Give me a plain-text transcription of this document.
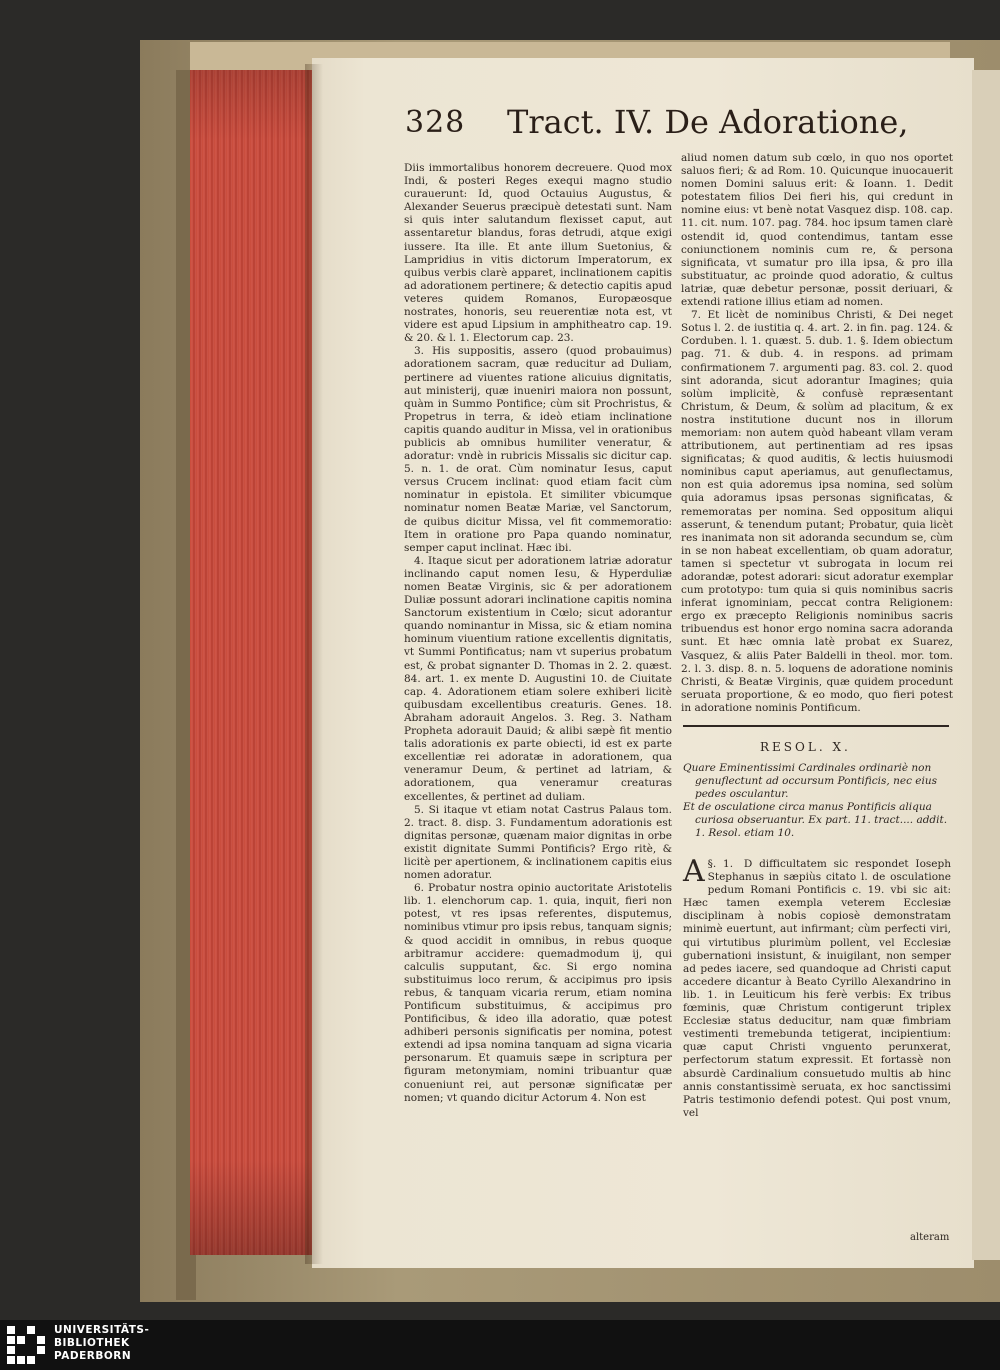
328 Tract. IV. De Adoratione,

Diis immortalibus honorem decreuere. Quod mox Indi, & posteri Reges exequi magno studio curauerunt: Id, quod Octauius Augustus, & Alexander Seuerus præcipuè detestati sunt. Nam si quis inter salutandum flexisset caput, aut assentaretur blandus, foras detrudi, atque exigi iussere. Ita ille. Et ante illum Suetonius, & Lampridius in vitis dictorum Imperatorum, ex quibus verbis clarè apparet, inclinationem capitis ad adorationem pertinere; & detectio capitis apud veteres quidem Romanos, Europæosque nostrates, honoris, seu reuerentiæ nota est, vt videre est apud Lipsium in amphitheatro cap. 19. & 20. & l. 1. Electorum cap. 23.

3. His suppositis, assero (quod probauimus) adorationem sacram, quæ reducitur ad Duliam, pertinere ad viuentes ratione alicuius dignitatis, aut ministerij, quæ inueniri maiora non possunt, quàm in Summo Pontifice; cùm sit Prochristus, & Propetrus in terra, & ideò etiam inclinatione capitis quando auditur in Missa, vel in orationibus publicis ab omnibus humiliter veneratur, & adoratur: vndè in rubricis Missalis sic dicitur cap. 5. n. 1. de orat. Cùm nominatur Iesus, caput versus Crucem inclinat: quod etiam facit cùm nominatur in epistola. Et similiter vbicumque nominatur nomen Beatæ Mariæ, vel Sanctorum, de quibus dicitur Missa, vel fit commemoratio: Item in oratione pro Papa quando nominatur, semper caput inclinat. Hæc ibi.

4. Itaque sicut per adorationem latriæ adoratur inclinando caput nomen Iesu, & Hyperduliæ nomen Beatæ Virginis, sic & per adorationem Duliæ possunt adorari inclinatione capitis nomina Sanctorum existentium in Cœlo; sicut adorantur quando nominantur in Missa, sic & etiam nomina hominum viuentium ratione excellentis dignitatis, vt Summi Pontificatus; nam vt superius probatum est, & probat signanter D. Thomas in 2. 2. quæst. 84. art. 1. ex mente D. Augustini 10. de Ciuitate cap. 4. Adorationem etiam solere exhiberi licitè quibusdam excellentibus creaturis. Genes. 18. Abraham adorauit Angelos. 3. Reg. 3. Natham Propheta adorauit Dauid; & alibi sæpè fit mentio talis adorationis ex parte obiecti, id est ex parte excellentiæ rei adoratæ in adorationem, qua veneramur Deum, & pertinet ad latriam, & adorationem, qua veneramur creaturas excellentes, & pertinet ad duliam.

5. Si itaque vt etiam notat Castrus Palaus tom. 2. tract. 8. disp. 3. Fundamentum adorationis est dignitas personæ, quænam maior dignitas in orbe existit dignitate Summi Pontificis? Ergo ritè, & licitè per apertionem, & inclinationem capitis eius nomen adoratur.

6. Probatur nostra opinio auctoritate Aristotelis lib. 1. elenchorum cap. 1. quia, inquit, fieri non potest, vt res ipsas referentes, disputemus, nominibus vtimur pro ipsis rebus, tanquam signis; & quod accidit in omnibus, in rebus quoque arbitramur accidere: quemadmodum ij, qui calculis supputant, &c. Si ergo nomina substituimus loco rerum, & accipimus pro ipsis rebus, & tanquam vicaria rerum, etiam nomina Pontificum substituimus, & accipimus pro Pontificibus, & ideo illa adoratio, quæ potest adhiberi personis significatis per nomina, potest extendi ad ipsa nomina tanquam ad signa vicaria personarum. Et quamuis sæpe in scriptura per figuram metonymiam, nomini tribuantur quæ conueniunt rei, aut personæ significatæ per nomen; vt quando dicitur Actorum 4. Non est

aliud nomen datum sub cœlo, in quo nos oportet saluos fieri; & ad Rom. 10. Quicunque inuocauerit nomen Domini saluus erit: & Ioann. 1. Dedit potestatem filios Dei fieri his, qui credunt in nomine eius: vt benè notat Vasquez disp. 108. cap. 11. cit. num. 107. pag. 784. hoc ipsum tamen clarè ostendit id, quod contendimus, tantam esse coniunctionem nominis cum re, & persona significata, vt sumatur pro illa ipsa, & pro illa substituatur, ac proinde quod adoratio, & cultus latriæ, quæ debetur personæ, possit deriuari, & extendi ratione illius etiam ad nomen.

7. Et licèt de nominibus Christi, & Dei neget Sotus l. 2. de iustitia q. 4. art. 2. in fin. pag. 124. & Corduben. l. 1. quæst. 5. dub. 1. §. Idem obiectum pag. 71. & dub. 4. in respons. ad primam confirmationem 7. argumenti pag. 83. col. 2. quod sint adoranda, sicut adorantur Imagines; quia solùm implicitè, & confusè repræsentant Christum, & Deum, & solùm ad placitum, & ex nostra institutione ducunt nos in illorum memoriam: non autem quòd habeant vllam veram attributionem, aut pertinentiam ad res ipsas significatas; & quod auditis, & lectis huiusmodi nominibus caput aperiamus, aut genuflectamus, non est quia adoremus ipsa nomina, sed solùm quia adoramus ipsas personas significatas, & rememoratas per nomina. Sed oppositum aliqui asserunt, & tenendum putant; Probatur, quia licèt res inanimata non sit adoranda secundum se, cùm in se non habeat excellentiam, ob quam adoratur, tamen si spectetur vt subrogata in locum rei adorandæ, potest adorari: sicut adoratur exemplar cum prototypo: tum quia si quis nominibus sacris inferat ignominiam, peccat contra Religionem: ergo ex præcepto Religionis nominibus sacris tribuendus est honor ergo nomina sacra adoranda sunt. Et hæc omnia latè probat ex Suarez, Vasquez, & aliis Pater Baldelli in theol. mor. tom. 2. l. 3. disp. 8. n. 5. loquens de adoratione nominis Christi, & Beatæ Virginis, quæ quidem procedunt seruata proportione, & eo modo, quo fieri potest in adoratione nominis Pontificum.

RESOL. X.

Quare Eminentissimi Cardinales ordinariè non genuflectunt ad occursum Pontificis, nec eius pedes osculantur.

Et de osculatione circa manus Pontificis aliqua curiosa obseruantur. Ex part. 11. tract.... addit. 1. Resol. etiam 10.

§. 1.
A	D difficultatem sic respondet Ioseph Stephanus in sæpiùs citato l. de osculatione pedum Romani Pontificis c. 19. vbi sic ait: Hæc tamen exempla veterem Ecclesiæ disciplinam à nobis copiosè demonstratam minimè euertunt, aut infirmant; cùm perfecti viri, qui virtutibus plurimùm pollent, vel Ecclesiæ gubernationi insistunt, & inuigilant, non semper ad pedes iacere, sed quandoque ad Christi caput accedere dicantur à Beato Cyrillo Alexandrino in lib. 1. in Leuiticum his ferè verbis: Ex tribus fœminis, quæ Christum contigerunt triplex Ecclesiæ status deducitur, nam quæ fimbriam vestimenti tremebunda tetigerat, incipientium: quæ caput Christi vnguento perunxerat, perfectorum statum expressit. Et fortassè non absurdè Cardinalium consuetudo multis ab hinc annis constantissimè seruata, ex hoc sanctissimi Patris testimonio defendi potest. Qui post vnum, vel
alteram
UNIVERSITÄTS-
BIBLIOTHEK
PADERBORN
